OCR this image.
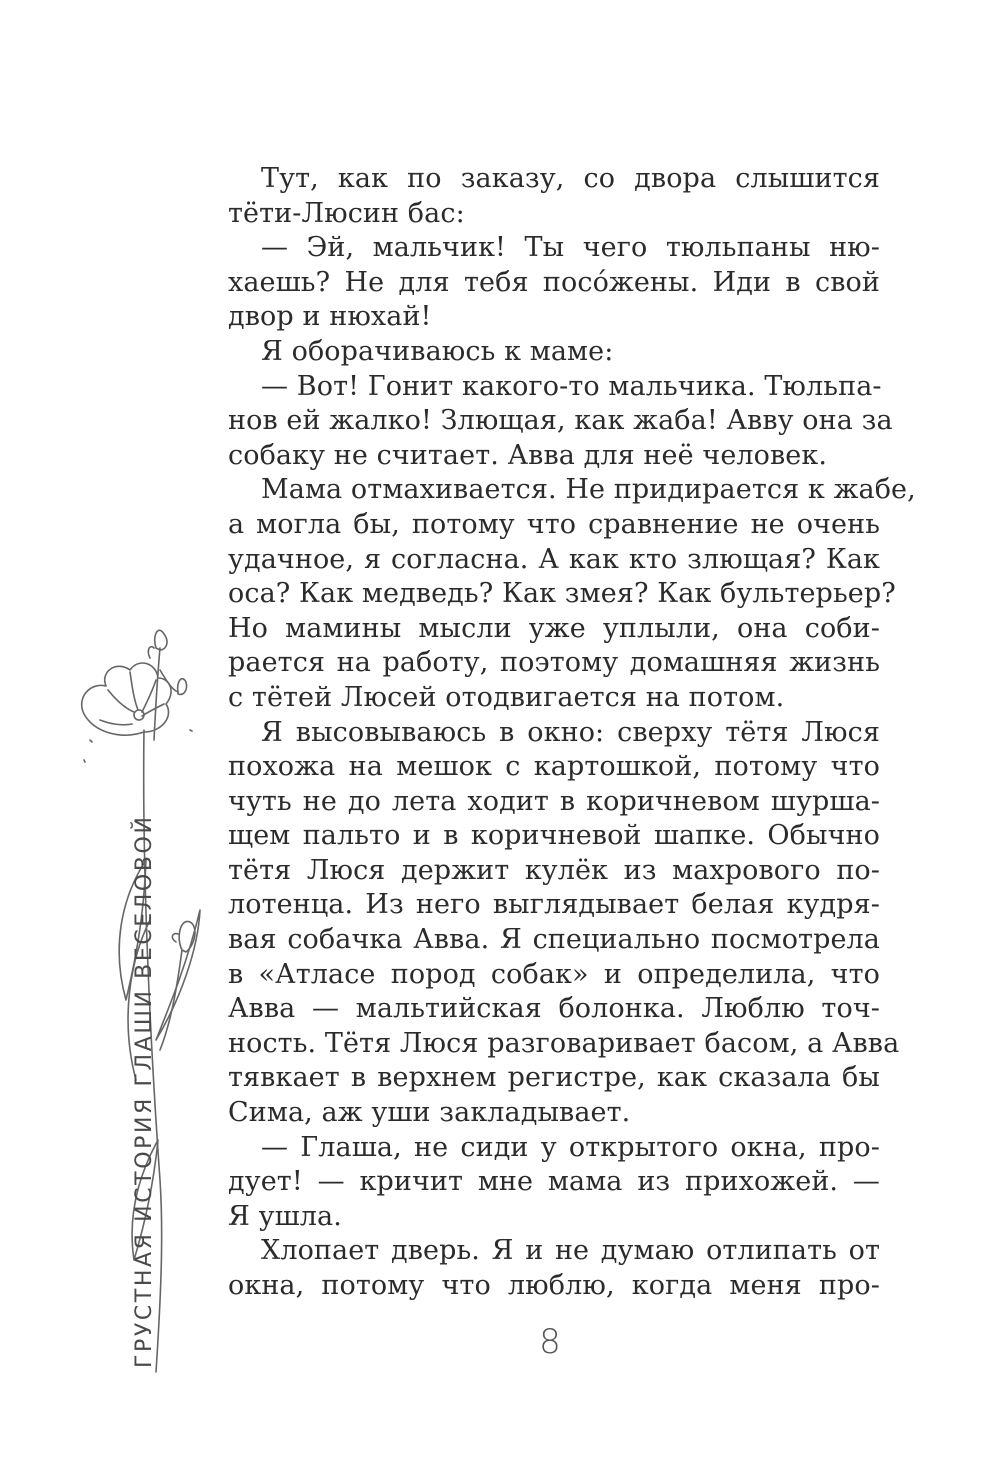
ГРУСТНАЯ ИСТОРИЯ ГЛАШИ ВЕСЕЛОВОЙ
Тут, как по заказу, со двора слышится
тёти-Люсин бас:
— Эй, мальчик! Ты чего тюльпаны ню-
хаешь? Не для тебя посóжены. Иди в свой
двор и нюхай!
Я оборачиваюсь к маме:
— Вот! Гонит какого-то мальчика. Тюльпа-
нов ей жалко! Злющая, как жаба! Авву она за
собаку не считает. Авва для неё человек.
Мама отмахивается. Не придирается к жабе,
а могла бы, потому что сравнение не очень
удачное, я согласна. А как кто злющая? Как
оса? Как медведь? Как змея? Как бультерьер?
Но мамины мысли уже уплыли, она соби-
рается на работу, поэтому домашняя жизнь
с тётей Люсей отодвигается на потом.
Я высовываюсь в окно: сверху тётя Люся
похожа на мешок с картошкой, потому что
чуть не до лета ходит в коричневом шурша-
щем пальто и в коричневой шапке. Обычно
тётя Люся держит кулёк из махрового по-
лотенца. Из него выглядывает белая кудря-
вая собачка Авва. Я специально посмотрела
в «Атласе пород собак» и определила, что
Авва — мальтийская болонка. Люблю точ-
ность. Тётя Люся разговаривает басом, а Авва
тявкает в верхнем регистре, как сказала бы
Сима, аж уши закладывает.
— Глаша, не сиди у открытого окна, про-
дует! — кричит мне мама из прихожей. —
Я ушла.
Хлопает дверь. Я и не думаю отлипать от
окна, потому что люблю, когда меня про-
8
